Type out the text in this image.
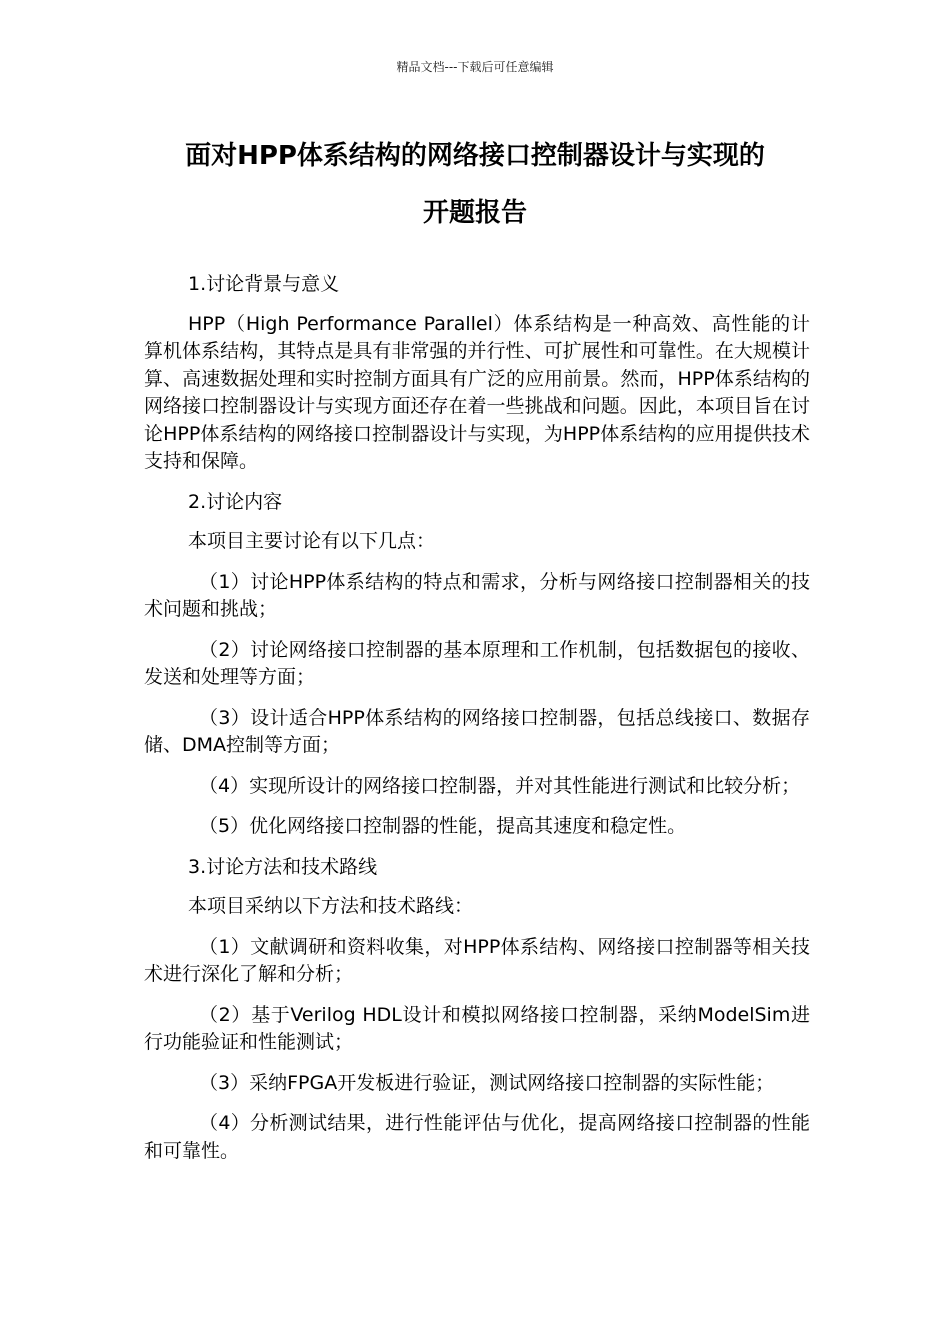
精品文档---下载后可任意编辑
面对HPP体系结构的网络接口控制器设计与实现的
开题报告

1.讨论背景与意义

HPP（High Performance Parallel）体系结构是一种高效、高性能的计算机体系结构，其特点是具有非常强的并行性、可扩展性和可靠性。在大规模计算、高速数据处理和实时控制方面具有广泛的应用前景。然而，HPP体系结构的网络接口控制器设计与实现方面还存在着一些挑战和问题。因此，本项目旨在讨论HPP体系结构的网络接口控制器设计与实现，为HPP体系结构的应用提供技术支持和保障。

2.讨论内容

本项目主要讨论有以下几点：

（1）讨论HPP体系结构的特点和需求，分析与网络接口控制器相关的技术问题和挑战；

（2）讨论网络接口控制器的基本原理和工作机制，包括数据包的接收、发送和处理等方面；

（3）设计适合HPP体系结构的网络接口控制器，包括总线接口、数据存储、DMA控制等方面；

（4）实现所设计的网络接口控制器，并对其性能进行测试和比较分析；

（5）优化网络接口控制器的性能，提高其速度和稳定性。

3.讨论方法和技术路线

本项目采纳以下方法和技术路线：

（1）文献调研和资料收集，对HPP体系结构、网络接口控制器等相关技术进行深化了解和分析；

（2）基于Verilog HDL设计和模拟网络接口控制器，采纳ModelSim进行功能验证和性能测试；

（3）采纳FPGA开发板进行验证，测试网络接口控制器的实际性能；

（4）分析测试结果，进行性能评估与优化，提高网络接口控制器的性能和可靠性。
